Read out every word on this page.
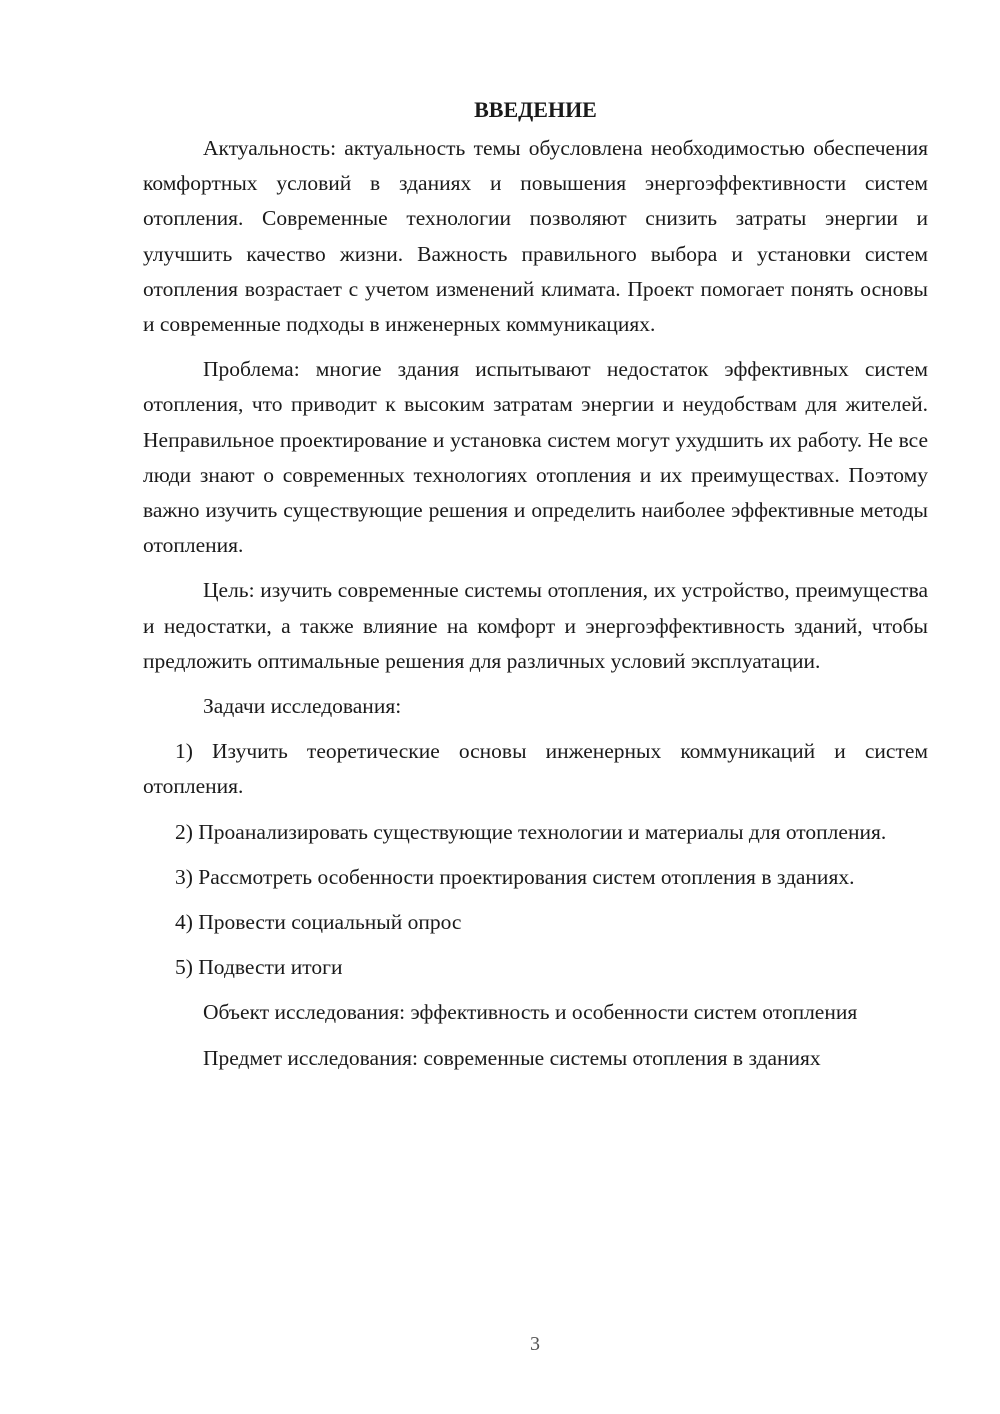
ВВЕДЕНИЕ

Актуальность: актуальность темы обусловлена необходимостью обеспечения комфортных условий в зданиях и повышения энергоэффективности систем отопления. Современные технологии позволяют снизить затраты энергии и улучшить качество жизни. Важность правильного выбора и установки систем отопления возрастает с учетом изменений климата. Проект помогает понять основы и современные подходы в инженерных коммуникациях.

Проблема: многие здания испытывают недостаток эффективных систем отопления, что приводит к высоким затратам энергии и неудобствам для жителей. Неправильное проектирование и установка систем могут ухудшить их работу. Не все люди знают о современных технологиях отопления и их преимуществах. Поэтому важно изучить существующие решения и определить наиболее эффективные методы отопления.

Цель: изучить современные системы отопления, их устройство, преимущества и недостатки, а также влияние на комфорт и энергоэффективность зданий, чтобы предложить оптимальные решения для различных условий эксплуатации.

Задачи исследования:

1) Изучить теоретические основы инженерных коммуникаций и систем отопления.

2) Проанализировать существующие технологии и материалы для отопления.

3) Рассмотреть особенности проектирования систем отопления в зданиях.

4) Провести социальный опрос

5) Подвести итоги

Объект исследования: эффективность и особенности систем отопления

Предмет исследования: современные системы отопления в зданиях

3
